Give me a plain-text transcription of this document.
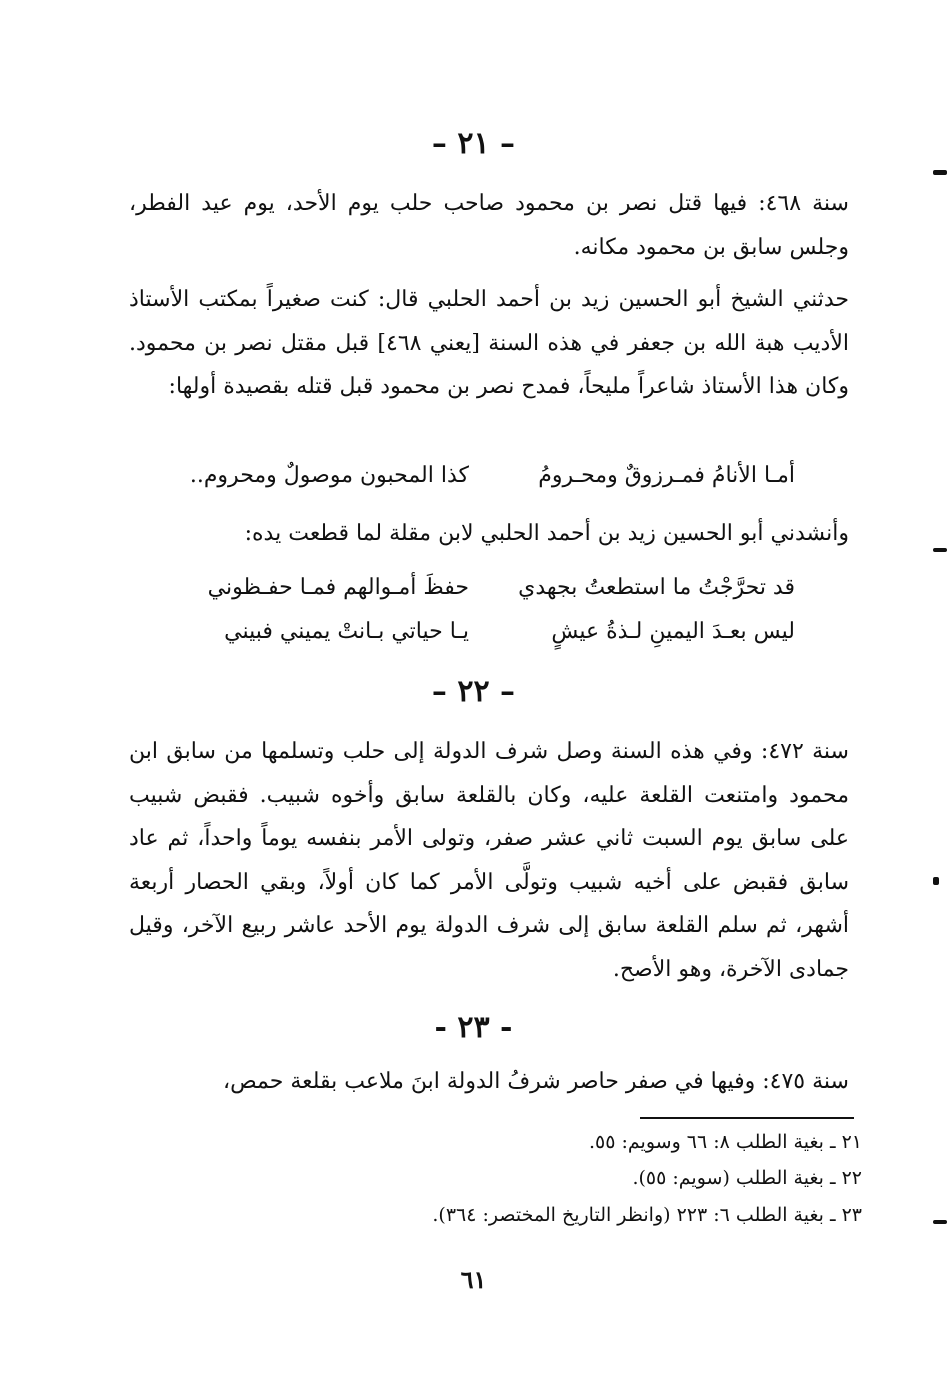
– ٢١ –
سنة ٤٦٨: فيها قتل نصر بن محمود صاحب حلب يوم الأحد، يوم عيد الفطر، وجلس سابق بن محمود مكانه.
حدثني الشيخ أبو الحسين زيد بن أحمد الحلبي قال: كنت صغيراً بمكتب الأستاذ الأديب هبة الله بن جعفر في هذه السنة [يعني ٤٦٨] قبل مقتل نصر بن محمود. وكان هذا الأستاذ شاعراً مليحاً، فمدح نصر بن محمود قبل قتله بقصيدة أولها:
أمـا الأنامُ فمـرزوقٌ ومحـرومُ
كذا المحبون موصولٌ ومحروم..
وأنشدني أبو الحسين زيد بن أحمد الحلبي لابن مقلة لما قطعت يده:
قد تحرَّجْتُ ما استطعتُ بجهدي
حفظَ أمـوالهم فمـا حفـظوني
ليس بعـدَ اليمينِ لـذةُ عيشٍ
يـا حياتي بـانتْ يميني فبيني
– ٢٢ –
سنة ٤٧٢: وفي هذه السنة وصل شرف الدولة إلى حلب وتسلمها من سابق ابن محمود وامتنعت القلعة عليه، وكان بالقلعة سابق وأخوه شبيب. فقبض شبيب على سابق يوم السبت ثاني عشر صفر، وتولى الأمر بنفسه يوماً واحداً، ثم عاد سابق فقبض على أخيه شبيب وتولَّى الأمر كما كان أولاً، وبقي الحصار أربعة أشهر، ثم سلم القلعة سابق إلى شرف الدولة يوم الأحد عاشر ربيع الآخر، وقيل جمادى الآخرة، وهو الأصح.
- ٢٣ -
سنة ٤٧٥: وفيها في صفر حاصر شرفُ الدولة ابنَ ملاعب بقلعة حمص،
٢١ ـ بغية الطلب ٨: ٦٦ وسويم: ٥٥.
٢٢ ـ بغية الطلب (سويم: ٥٥).
٢٣ ـ بغية الطلب ٦: ٢٢٣ (وانظر التاريخ المختصر: ٣٦٤).
٦١
